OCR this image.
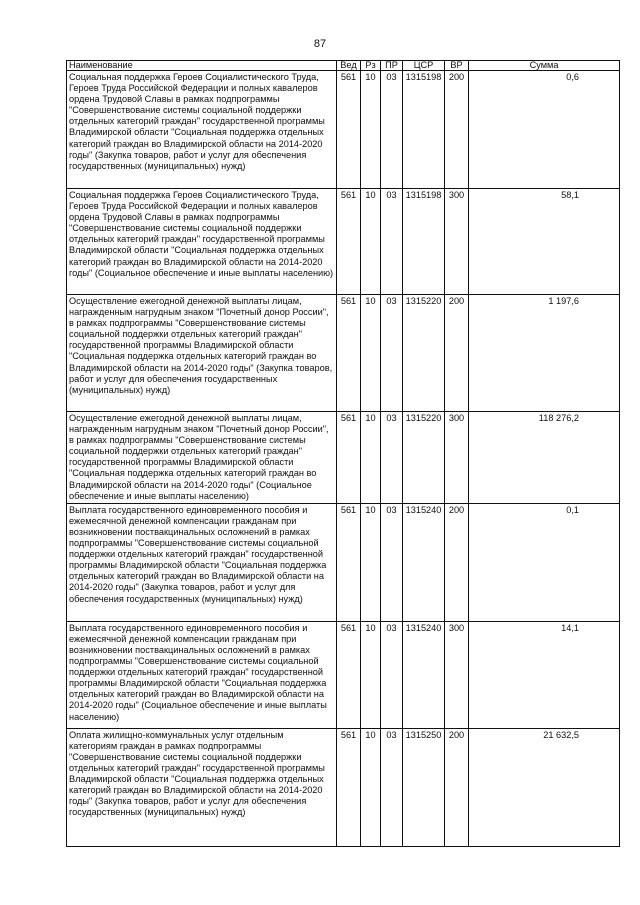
87
Наименование	Вед	Рз	ПР	ЦСР	ВР	Сумма
Социальная поддержка Героев Социалистического Труда, Героев Труда Российской Федерации и полных кавалеров ордена Трудовой Славы в рамках подпрограммы "Совершенствование системы социальной поддержки отдельных категорий граждан" государственной программы Владимирской области "Социальная поддержка отдельных категорий граждан во Владимирской области на 2014-2020 годы" (Закупка товаров, работ и услуг для обеспечения государственных (муниципальных) нужд)	561	10	03	1315198	200	0,6
Социальная поддержка Героев Социалистического Труда, Героев Труда Российской Федерации и полных кавалеров ордена Трудовой Славы в рамках подпрограммы "Совершенствование системы социальной поддержки отдельных категорий граждан" государственной программы Владимирской области "Социальная поддержка отдельных категорий граждан во Владимирской области на 2014-2020 годы" (Социальное обеспечение и иные выплаты населению)	561	10	03	1315198	300	58,1
Осуществление ежегодной денежной выплаты лицам, награжденным нагрудным знаком "Почетный донор России", в рамках подпрограммы "Совершенствование системы социальной поддержки отдельных категорий граждан" государственной программы Владимирской области "Социальная поддержка отдельных категорий граждан во Владимирской области на 2014-2020 годы" (Закупка товаров, работ и услуг для обеспечения государственных (муниципальных) нужд)	561	10	03	1315220	200	1 197,6
Осуществление ежегодной денежной выплаты лицам, награжденным нагрудным знаком "Почетный донор России", в рамках подпрограммы "Совершенствование системы социальной поддержки отдельных категорий граждан" государственной программы Владимирской области "Социальная поддержка отдельных категорий граждан во Владимирской области на 2014-2020 годы" (Социальное обеспечение и иные выплаты населению)	561	10	03	1315220	300	118 276,2
Выплата государственного единовременного пособия и ежемесячной денежной компенсации гражданам при возникновении поствакцинальных осложнений в рамках подпрограммы "Совершенствование системы социальной поддержки отдельных категорий граждан" государственной программы Владимирской области "Социальная поддержка отдельных категорий граждан во Владимирской области на 2014-2020 годы" (Закупка товаров, работ и услуг для обеспечения государственных (муниципальных) нужд)	561	10	03	1315240	200	0,1
Выплата государственного единовременного пособия и ежемесячной денежной компенсации гражданам при возникновении поствакцинальных осложнений в рамках подпрограммы "Совершенствование системы социальной поддержки отдельных категорий граждан" государственной программы Владимирской области "Социальная поддержка отдельных категорий граждан во Владимирской области на 2014-2020 годы" (Социальное обеспечение и иные выплаты населению)	561	10	03	1315240	300	14,1
Оплата жилищно-коммунальных услуг отдельным категориям граждан в рамках подпрограммы "Совершенствование системы социальной поддержки отдельных категорий граждан" государственной программы Владимирской области "Социальная поддержка отдельных категорий граждан во Владимирской области на 2014-2020 годы" (Закупка товаров, работ и услуг для обеспечения государственных (муниципальных) нужд)	561	10	03	1315250	200	21 632,5
